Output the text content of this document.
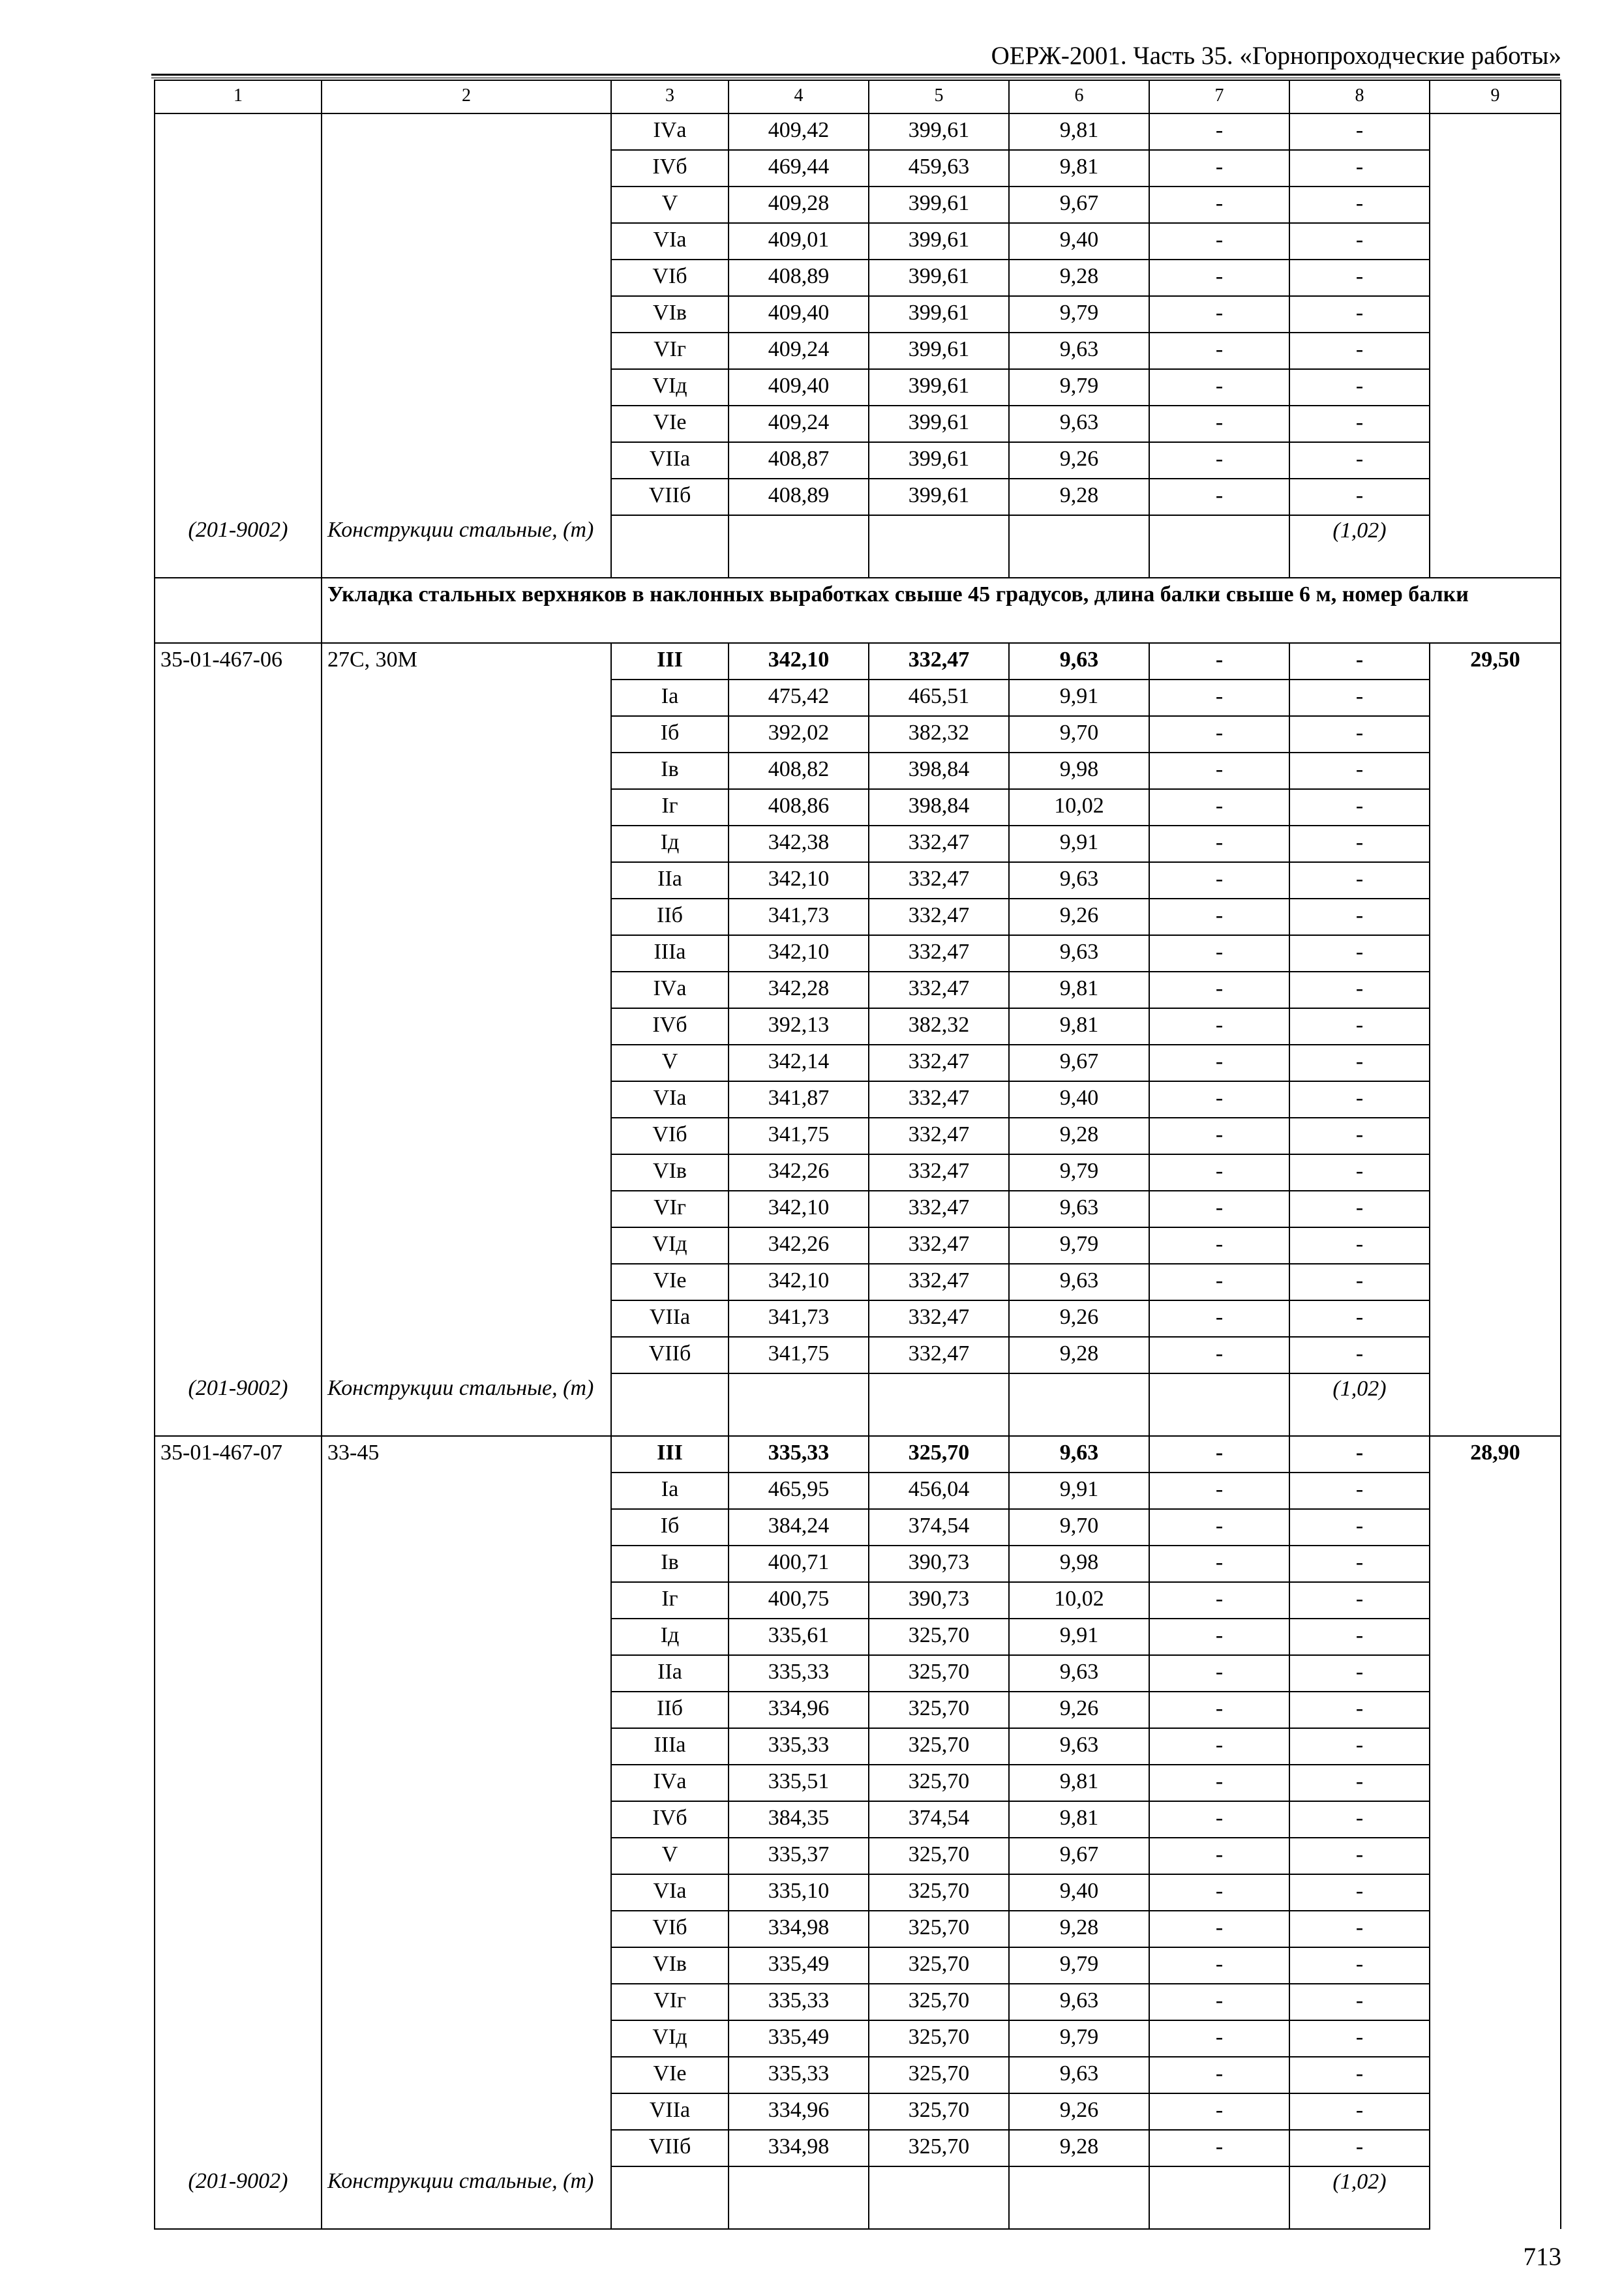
ОЕРЖ-2001. Часть 35. «Горнопроходческие работы»
1	2	3	4	5	6	7	8	9
		IVа	409,42	399,61	9,81	-	-	
		IVб	469,44	459,63	9,81	-	-	
		V	409,28	399,61	9,67	-	-	
		VIа	409,01	399,61	9,40	-	-	
		VIб	408,89	399,61	9,28	-	-	
		VIв	409,40	399,61	9,79	-	-	
		VIг	409,24	399,61	9,63	-	-	
		VIд	409,40	399,61	9,79	-	-	
		VIе	409,24	399,61	9,63	-	-	
		VIIа	408,87	399,61	9,26	-	-	
		VIIб	408,89	399,61	9,28	-	-	
(201-9002)	Конструкции стальные, (т)						(1,02)	
	Укладка стальных верхняков в наклонных выработках свыше 45 градусов, длина балки свыше 6 м, номер балки							
35-01-467-06	27С, 30М	III	342,10	332,47	9,63	-	-	29,50
		Iа	475,42	465,51	9,91	-	-	
		Iб	392,02	382,32	9,70	-	-	
		Iв	408,82	398,84	9,98	-	-	
		Iг	408,86	398,84	10,02	-	-	
		Iд	342,38	332,47	9,91	-	-	
		IIа	342,10	332,47	9,63	-	-	
		IIб	341,73	332,47	9,26	-	-	
		IIIа	342,10	332,47	9,63	-	-	
		IVа	342,28	332,47	9,81	-	-	
		IVб	392,13	382,32	9,81	-	-	
		V	342,14	332,47	9,67	-	-	
		VIа	341,87	332,47	9,40	-	-	
		VIб	341,75	332,47	9,28	-	-	
		VIв	342,26	332,47	9,79	-	-	
		VIг	342,10	332,47	9,63	-	-	
		VIд	342,26	332,47	9,79	-	-	
		VIе	342,10	332,47	9,63	-	-	
		VIIа	341,73	332,47	9,26	-	-	
		VIIб	341,75	332,47	9,28	-	-	
(201-9002)	Конструкции стальные, (т)						(1,02)	
35-01-467-07	33-45	III	335,33	325,70	9,63	-	-	28,90
		Iа	465,95	456,04	9,91	-	-	
		Iб	384,24	374,54	9,70	-	-	
		Iв	400,71	390,73	9,98	-	-	
		Iг	400,75	390,73	10,02	-	-	
		Iд	335,61	325,70	9,91	-	-	
		IIа	335,33	325,70	9,63	-	-	
		IIб	334,96	325,70	9,26	-	-	
		IIIа	335,33	325,70	9,63	-	-	
		IVа	335,51	325,70	9,81	-	-	
		IVб	384,35	374,54	9,81	-	-	
		V	335,37	325,70	9,67	-	-	
		VIа	335,10	325,70	9,40	-	-	
		VIб	334,98	325,70	9,28	-	-	
		VIв	335,49	325,70	9,79	-	-	
		VIг	335,33	325,70	9,63	-	-	
		VIд	335,49	325,70	9,79	-	-	
		VIе	335,33	325,70	9,63	-	-	
		VIIа	334,96	325,70	9,26	-	-	
		VIIб	334,98	325,70	9,28	-	-	
(201-9002)	Конструкции стальные, (т)						(1,02)	
713
